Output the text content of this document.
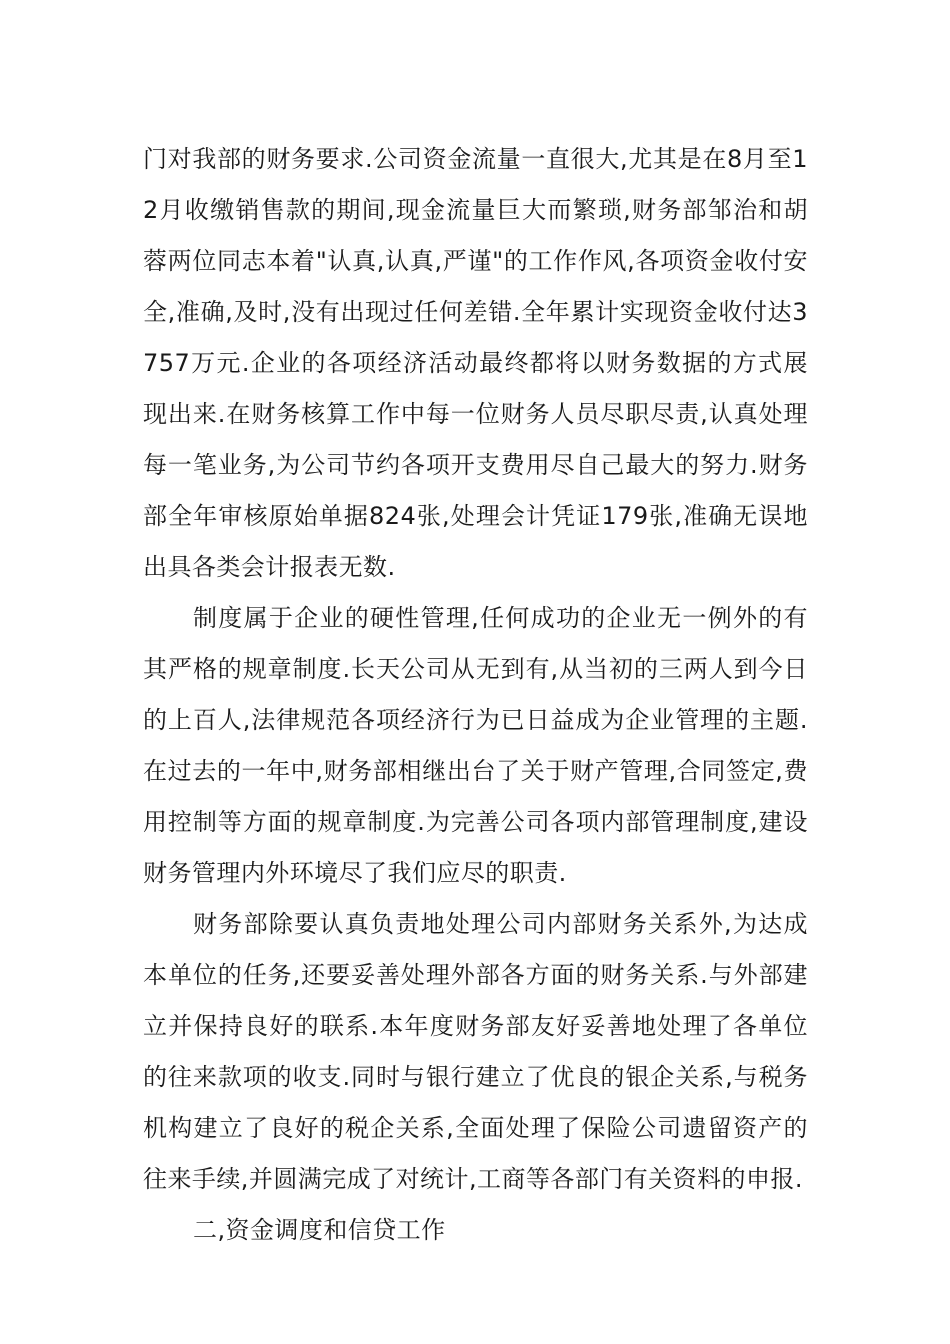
门对我部的财务要求.公司资金流量一直很大,尤其是在8月至12月收缴销售款的期间,现金流量巨大而繁琐,财务部邹治和胡蓉两位同志本着"认真,认真,严谨"的工作作风,各项资金收付安全,准确,及时,没有出现过任何差错.全年累计实现资金收付达3757万元.企业的各项经济活动最终都将以财务数据的方式展现出来.在财务核算工作中每一位财务人员尽职尽责,认真处理每一笔业务,为公司节约各项开支费用尽自己最大的努力.财务部全年审核原始单据824张,处理会计凭证179张,准确无误地出具各类会计报表无数.

制度属于企业的硬性管理,任何成功的企业无一例外的有其严格的规章制度.长天公司从无到有,从当初的三两人到今日的上百人,法律规范各项经济行为已日益成为企业管理的主题.在过去的一年中,财务部相继出台了关于财产管理,合同签定,费用控制等方面的规章制度.为完善公司各项内部管理制度,建设财务管理内外环境尽了我们应尽的职责.

财务部除要认真负责地处理公司内部财务关系外,为达成本单位的任务,还要妥善处理外部各方面的财务关系.与外部建立并保持良好的联系.本年度财务部友好妥善地处理了各单位的往来款项的收支.同时与银行建立了优良的银企关系,与税务机构建立了良好的税企关系,全面处理了保险公司遗留资产的往来手续,并圆满完成了对统计,工商等各部门有关资料的申报.

二,资金调度和信贷工作
